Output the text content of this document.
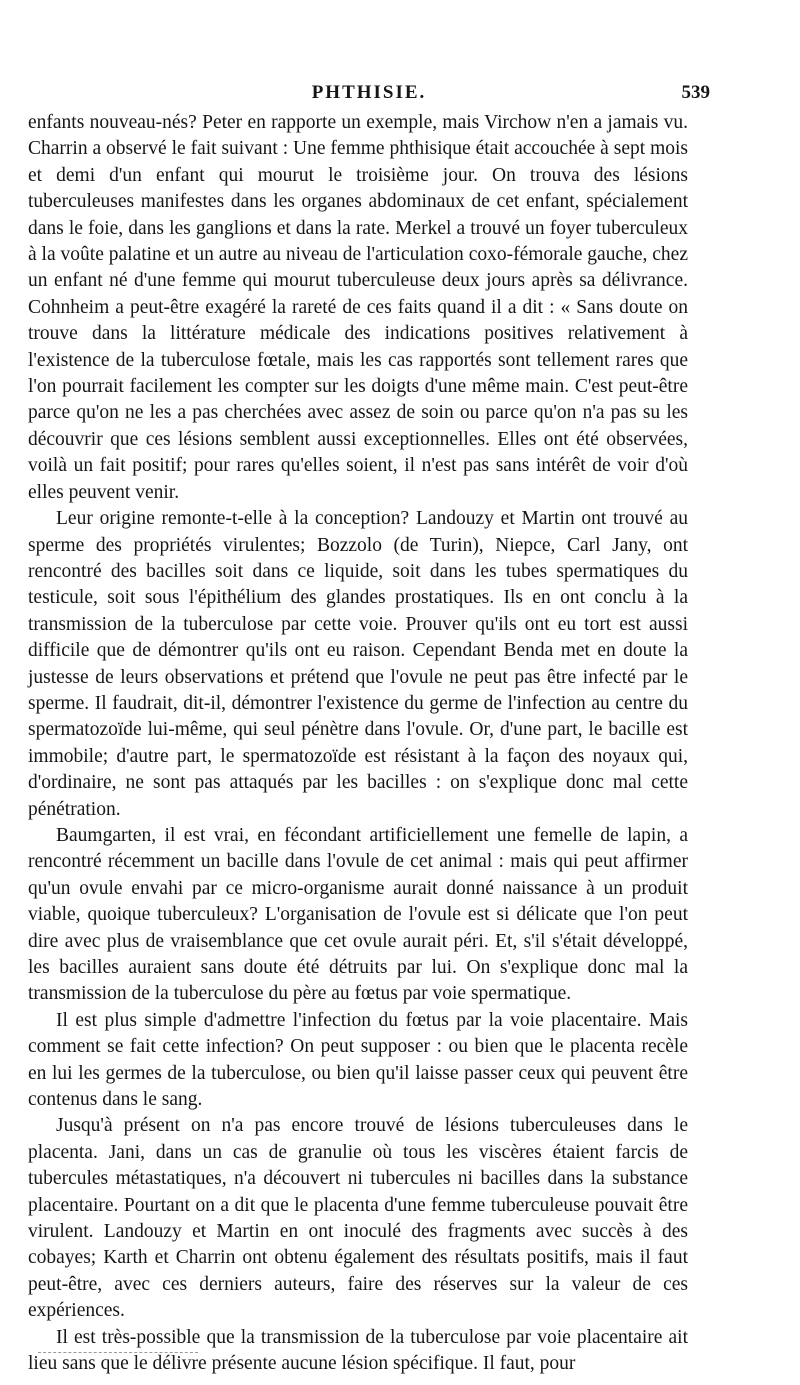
PHTHISIE.	539

enfants nouveau-nés? Peter en rapporte un exemple, mais Virchow n'en a jamais vu. Charrin a observé le fait suivant : Une femme phthisique était accouchée à sept mois et demi d'un enfant qui mourut le troisième jour. On trouva des lésions tuberculeuses manifestes dans les organes abdominaux de cet enfant, spécialement dans le foie, dans les ganglions et dans la rate. Merkel a trouvé un foyer tuberculeux à la voûte palatine et un autre au niveau de l'articulation coxo-fémorale gauche, chez un enfant né d'une femme qui mourut tuberculeuse deux jours après sa délivrance. Cohnheim a peut-être exagéré la rareté de ces faits quand il a dit : « Sans doute on trouve dans la littérature médicale des indications positives relativement à l'existence de la tuberculose fœtale, mais les cas rapportés sont tellement rares que l'on pourrait facilement les compter sur les doigts d'une même main. C'est peut-être parce qu'on ne les a pas cherchées avec assez de soin ou parce qu'on n'a pas su les découvrir que ces lésions semblent aussi exceptionnelles. Elles ont été observées, voilà un fait positif; pour rares qu'elles soient, il n'est pas sans intérêt de voir d'où elles peuvent venir.

Leur origine remonte-t-elle à la conception? Landouzy et Martin ont trouvé au sperme des propriétés virulentes; Bozzolo (de Turin), Niepce, Carl Jany, ont rencontré des bacilles soit dans ce liquide, soit dans les tubes spermatiques du testicule, soit sous l'épithélium des glandes prostatiques. Ils en ont conclu à la transmission de la tuberculose par cette voie. Prouver qu'ils ont eu tort est aussi difficile que de démontrer qu'ils ont eu raison. Cependant Benda met en doute la justesse de leurs observations et prétend que l'ovule ne peut pas être infecté par le sperme. Il faudrait, dit-il, démontrer l'existence du germe de l'infection au centre du spermatozoïde lui-même, qui seul pénètre dans l'ovule. Or, d'une part, le bacille est immobile; d'autre part, le spermatozoïde est résistant à la façon des noyaux qui, d'ordinaire, ne sont pas attaqués par les bacilles : on s'explique donc mal cette pénétration.

Baumgarten, il est vrai, en fécondant artificiellement une femelle de lapin, a rencontré récemment un bacille dans l'ovule de cet animal : mais qui peut affirmer qu'un ovule envahi par ce micro-organisme aurait donné naissance à un produit viable, quoique tuberculeux? L'organisation de l'ovule est si délicate que l'on peut dire avec plus de vraisemblance que cet ovule aurait péri. Et, s'il s'était développé, les bacilles auraient sans doute été détruits par lui. On s'explique donc mal la transmission de la tuberculose du père au fœtus par voie spermatique.

Il est plus simple d'admettre l'infection du fœtus par la voie placentaire. Mais comment se fait cette infection? On peut supposer : ou bien que le placenta recèle en lui les germes de la tuberculose, ou bien qu'il laisse passer ceux qui peuvent être contenus dans le sang.

Jusqu'à présent on n'a pas encore trouvé de lésions tuberculeuses dans le placenta. Jani, dans un cas de granulie où tous les viscères étaient farcis de tubercules métastatiques, n'a découvert ni tubercules ni bacilles dans la substance placentaire. Pourtant on a dit que le placenta d'une femme tuberculeuse pouvait être virulent. Landouzy et Martin en ont inoculé des fragments avec succès à des cobayes; Karth et Charrin ont obtenu également des résultats positifs, mais il faut peut-être, avec ces derniers auteurs, faire des réserves sur la valeur de ces expériences.

Il est très-possible que la transmission de la tuberculose par voie placentaire ait lieu sans que le délivre présente aucune lésion spécifique. Il faut, pour
